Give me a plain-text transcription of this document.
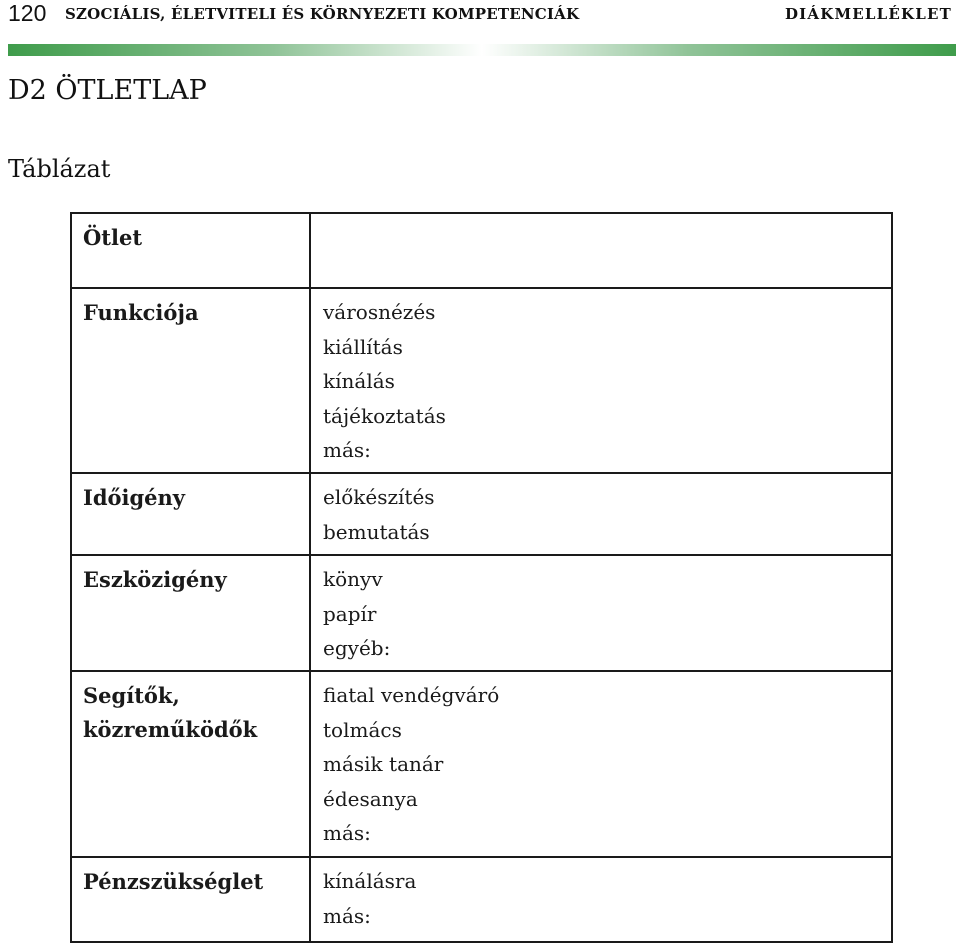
120 SZOCIÁLIS, ÉLETVITELI ÉS KÖRNYEZETI KOMPETENCIÁK	DIÁKMELLÉKLET
D2 ÖTLETLAP
Táblázat
Ötlet	
Funkciója	városnézés
kiállítás
kínálás
tájékoztatás
más:

Időigény	előkészítés
bemutatás

Eszközigény	könyv
papír
egyéb:

Segítők, közreműködők	fiatal vendégváró
tolmács
másik tanár
édesanya
más:

Pénzszükséglet	kínálásra
más:
